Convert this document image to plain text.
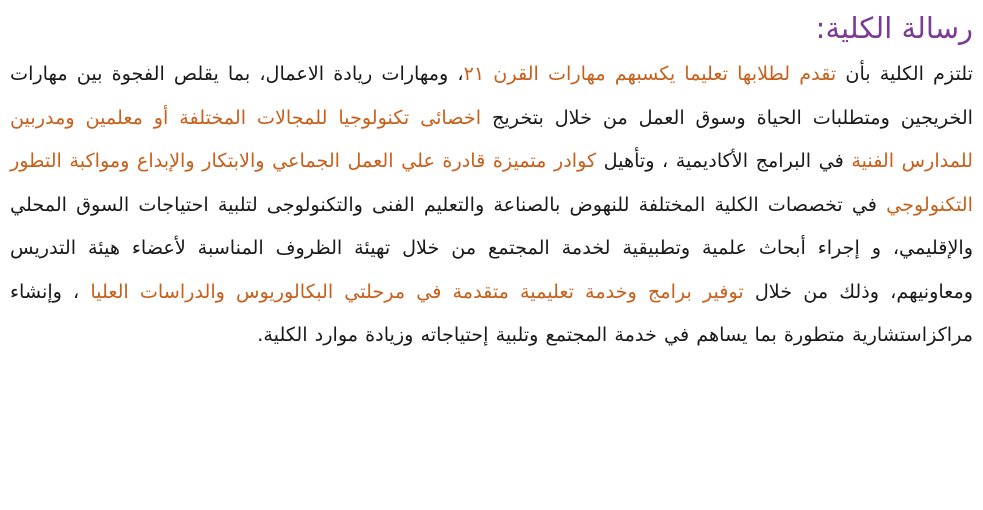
رسالة الكلية:

تلتزم الكلية بأن تقدم لطلابها تعليما يكسبهم مهارات القرن ٢١، ومهارات ريادة الاعمال، بما يقلص الفجوة بين مهارات الخريجين ومتطلبات الحياة وسوق العمل من خلال بتخريج اخصائى تكنولوجيا للمجالات المختلفة أو معلمين ومدربين للمدارس الفنية في البرامج الأكاديمية ، وتأهيل كوادر متميزة قادرة علي العمل الجماعي والابتكار والإبداع ومواكبة التطور التكنولوجي في تخصصات الكلية المختلفة للنهوض بالصناعة والتعليم الفنى والتكنولوجى لتلبية احتياجات السوق المحلي والإقليمي، و إجراء أبحاث علمية وتطبيقية لخدمة المجتمع من خلال تهيئة الظروف المناسبة لأعضاء هيئة التدريس ومعاونيهم، وذلك من خلال توفير برامج وخدمة تعليمية متقدمة في مرحلتي البكالوريوس والدراسات العليا ، وإنشاء مراكزاستشارية متطورة بما يساهم في خدمة المجتمع وتلبية إحتياجاته وزيادة موارد الكلية.
